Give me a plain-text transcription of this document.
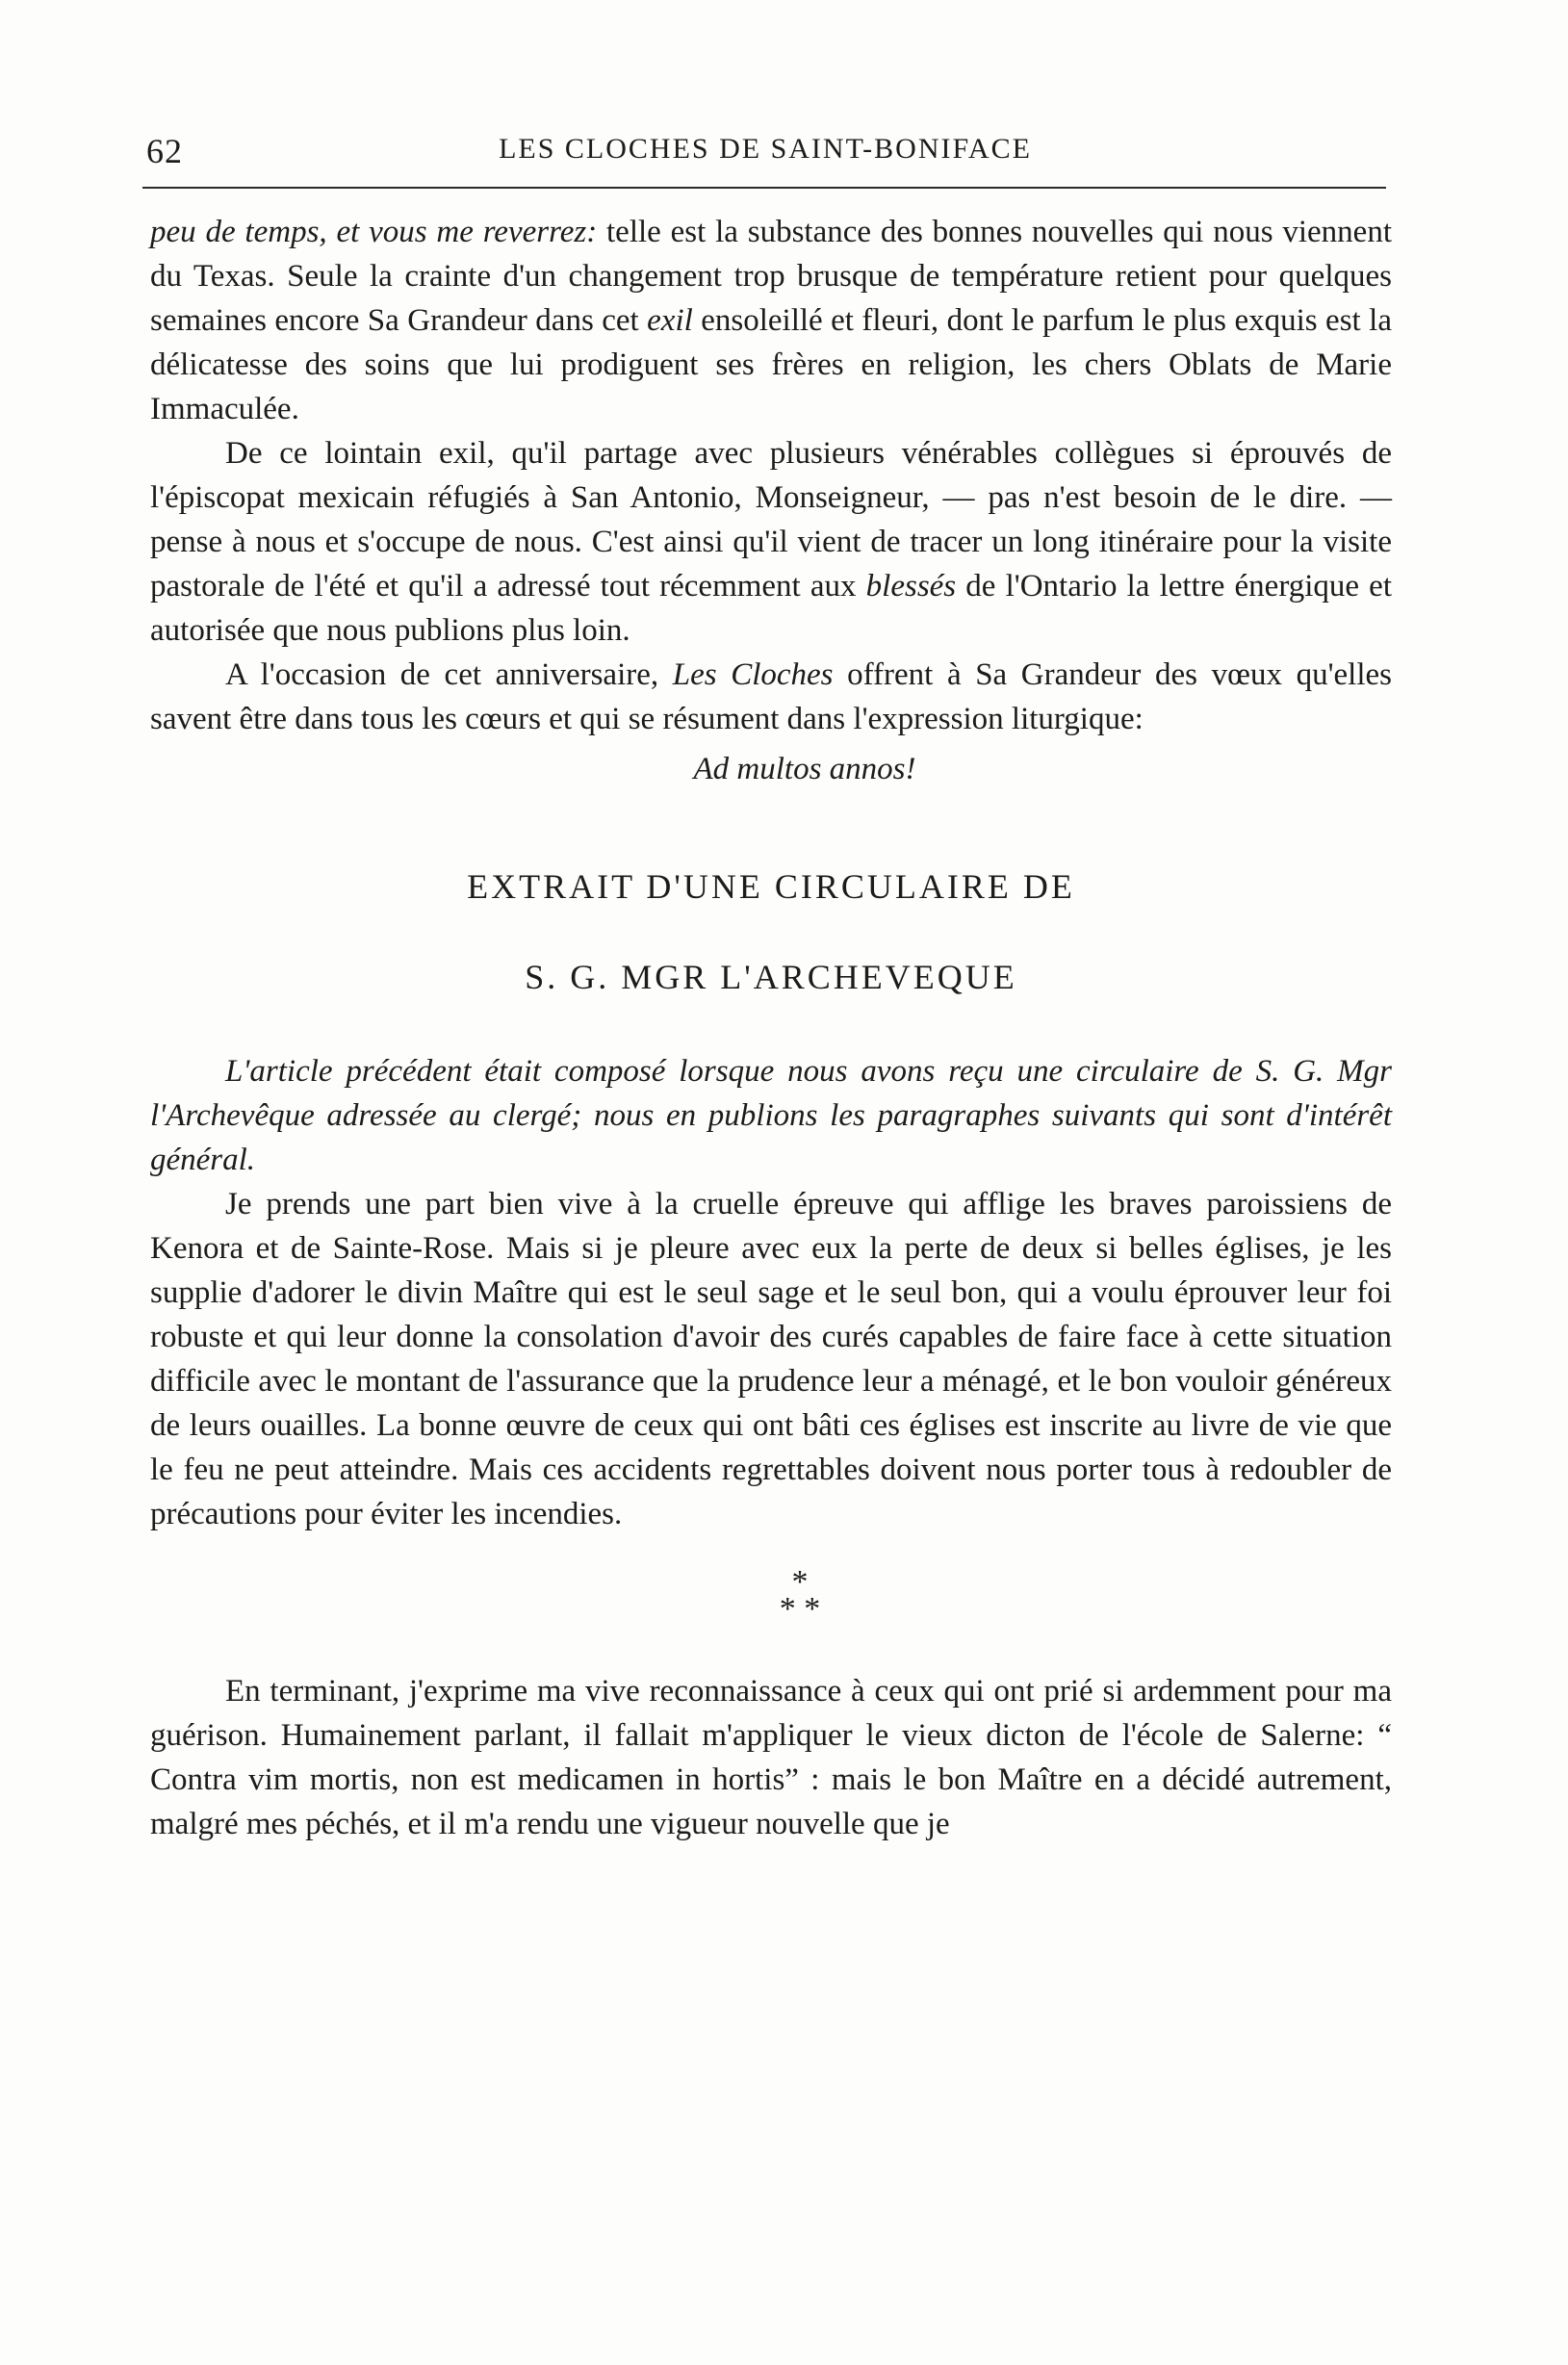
62	LES CLOCHES DE SAINT-BONIFACE

peu de temps, et vous me reverrez: telle est la substance des bonnes nouvelles qui nous viennent du Texas. Seule la crainte d'un changement trop brusque de température retient pour quelques semaines encore Sa Grandeur dans cet exil ensoleillé et fleuri, dont le parfum le plus exquis est la délicatesse des soins que lui prodiguent ses frères en religion, les chers Oblats de Marie Immaculée.

De ce lointain exil, qu'il partage avec plusieurs vénérables collègues si éprouvés de l'épiscopat mexicain réfugiés à San Antonio, Monseigneur, — pas n'est besoin de le dire. — pense à nous et s'occupe de nous. C'est ainsi qu'il vient de tracer un long itinéraire pour la visite pastorale de l'été et qu'il a adressé tout récemment aux blessés de l'Ontario la lettre énergique et autorisée que nous publions plus loin.

A l'occasion de cet anniversaire, Les Cloches offrent à Sa Grandeur des vœux qu'elles savent être dans tous les cœurs et qui se résument dans l'expression liturgique:

Ad multos annos!

EXTRAIT D'UNE CIRCULAIRE DE

S. G. MGR L'ARCHEVEQUE

L'article précédent était composé lorsque nous avons reçu une circulaire de S. G. Mgr l'Archevêque adressée au clergé; nous en publions les paragraphes suivants qui sont d'intérêt général.

Je prends une part bien vive à la cruelle épreuve qui afflige les braves paroissiens de Kenora et de Sainte-Rose. Mais si je pleure avec eux la perte de deux si belles églises, je les supplie d'adorer le divin Maître qui est le seul sage et le seul bon, qui a voulu éprouver leur foi robuste et qui leur donne la consolation d'avoir des curés capables de faire face à cette situation difficile avec le montant de l'assurance que la prudence leur a ménagé, et le bon vouloir généreux de leurs ouailles. La bonne œuvre de ceux qui ont bâti ces églises est inscrite au livre de vie que le feu ne peut atteindre. Mais ces accidents regrettables doivent nous porter tous à redoubler de précautions pour éviter les incendies.

*
* *

En terminant, j'exprime ma vive reconnaissance à ceux qui ont prié si ardemment pour ma guérison. Humainement parlant, il fallait m'appliquer le vieux dicton de l'école de Salerne: “ Contra vim mortis, non est medicamen in hortis” : mais le bon Maître en a décidé autrement, malgré mes péchés, et il m'a rendu une vigueur nouvelle que je
